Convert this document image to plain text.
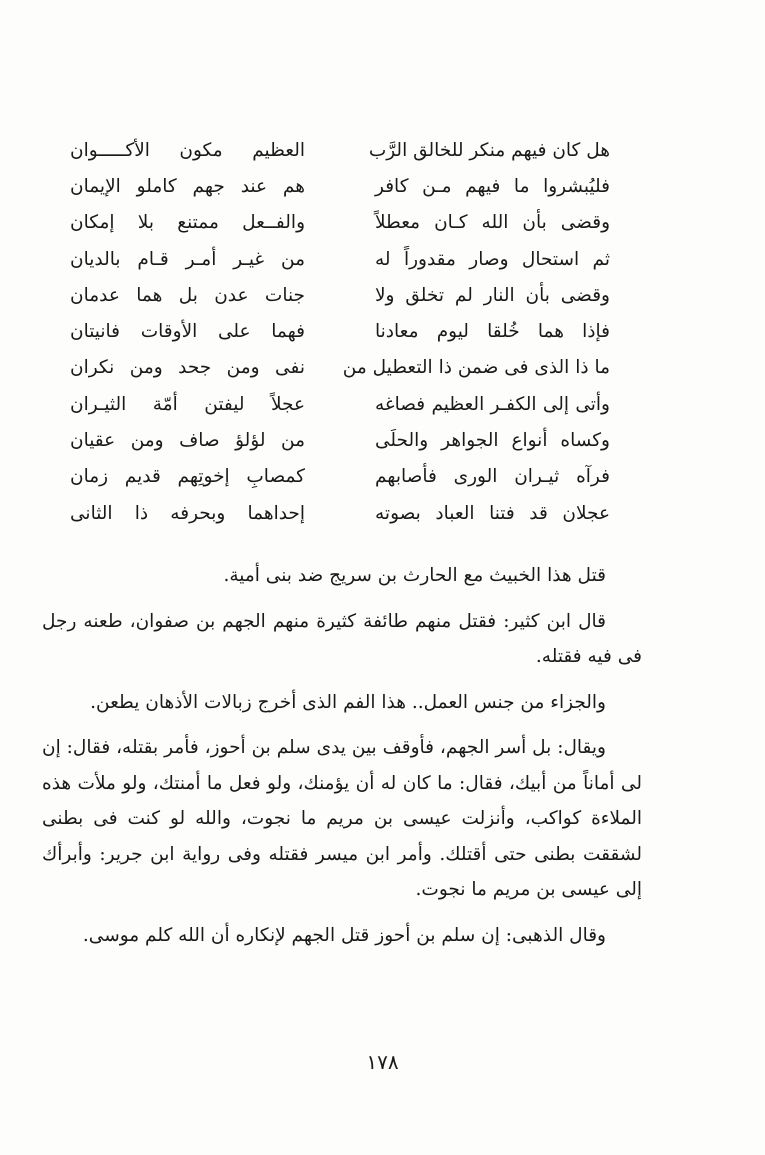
هل كان فيهم منكر للخالق الرَّب
العظيم مكون الأكـــــوان
فليُبشروا ما فيهم مـن كافر
هم عند جهم كاملو الإيمان
وقضى بأن الله كـان معطلاً
والفــعل ممتنع بلا إمكان
ثم استحال وصار مقدوراً له
من غيـر أمـر قـام بالديان
وقضى بأن النار لم تخلق ولا
جنات عدن بل هما عدمان
فإذا هما خُلقا ليوم معادنا
فهما على الأوقات فانيتان
ما ذا الذى فى ضمن ذا التعطيل من
نفى ومن جحد ومن نكران
وأتى إلى الكفـر العظيم فصاغه
عجلاً ليفتن أمّة الثيـران
وكساه أنواع الجواهر والحلَى
من لؤلؤ صاف ومن عقيان
فرآه ثيـران الورى فأصابهم
كمصابِ إخوتِهم قديم زمان
عجلان قد فتنا العباد بصوته
إحداهما وبحرفه ذا الثانى

قتل هذا الخبيث مع الحارث بن سريج ضد بنى أمية.

قال ابن كثير: فقتل منهم طائفة كثيرة منهم الجهم بن صفوان، طعنه رجل فى فيه فقتله.

والجزاء من جنس العمل.. هذا الفم الذى أخرج زبالات الأذهان يطعن.

ويقال: بل أسر الجهم، فأوقف بين يدى سلم بن أحوز، فأمر بقتله، فقال: إن لى أماناً من أبيك، فقال: ما كان له أن يؤمنك، ولو فعل ما أمنتك، ولو ملأت هذه الملاءة كواكب، وأنزلت عيسى بن مريم ما نجوت، والله لو كنت فى بطنى لشققت بطنى حتى أقتلك. وأمر ابن ميسر فقتله وفى رواية ابن جرير: وأبرأك إلى عيسى بن مريم ما نجوت.

وقال الذهبى: إن سلم بن أحوز قتل الجهم لإنكاره أن الله كلم موسى.

١٧٨
